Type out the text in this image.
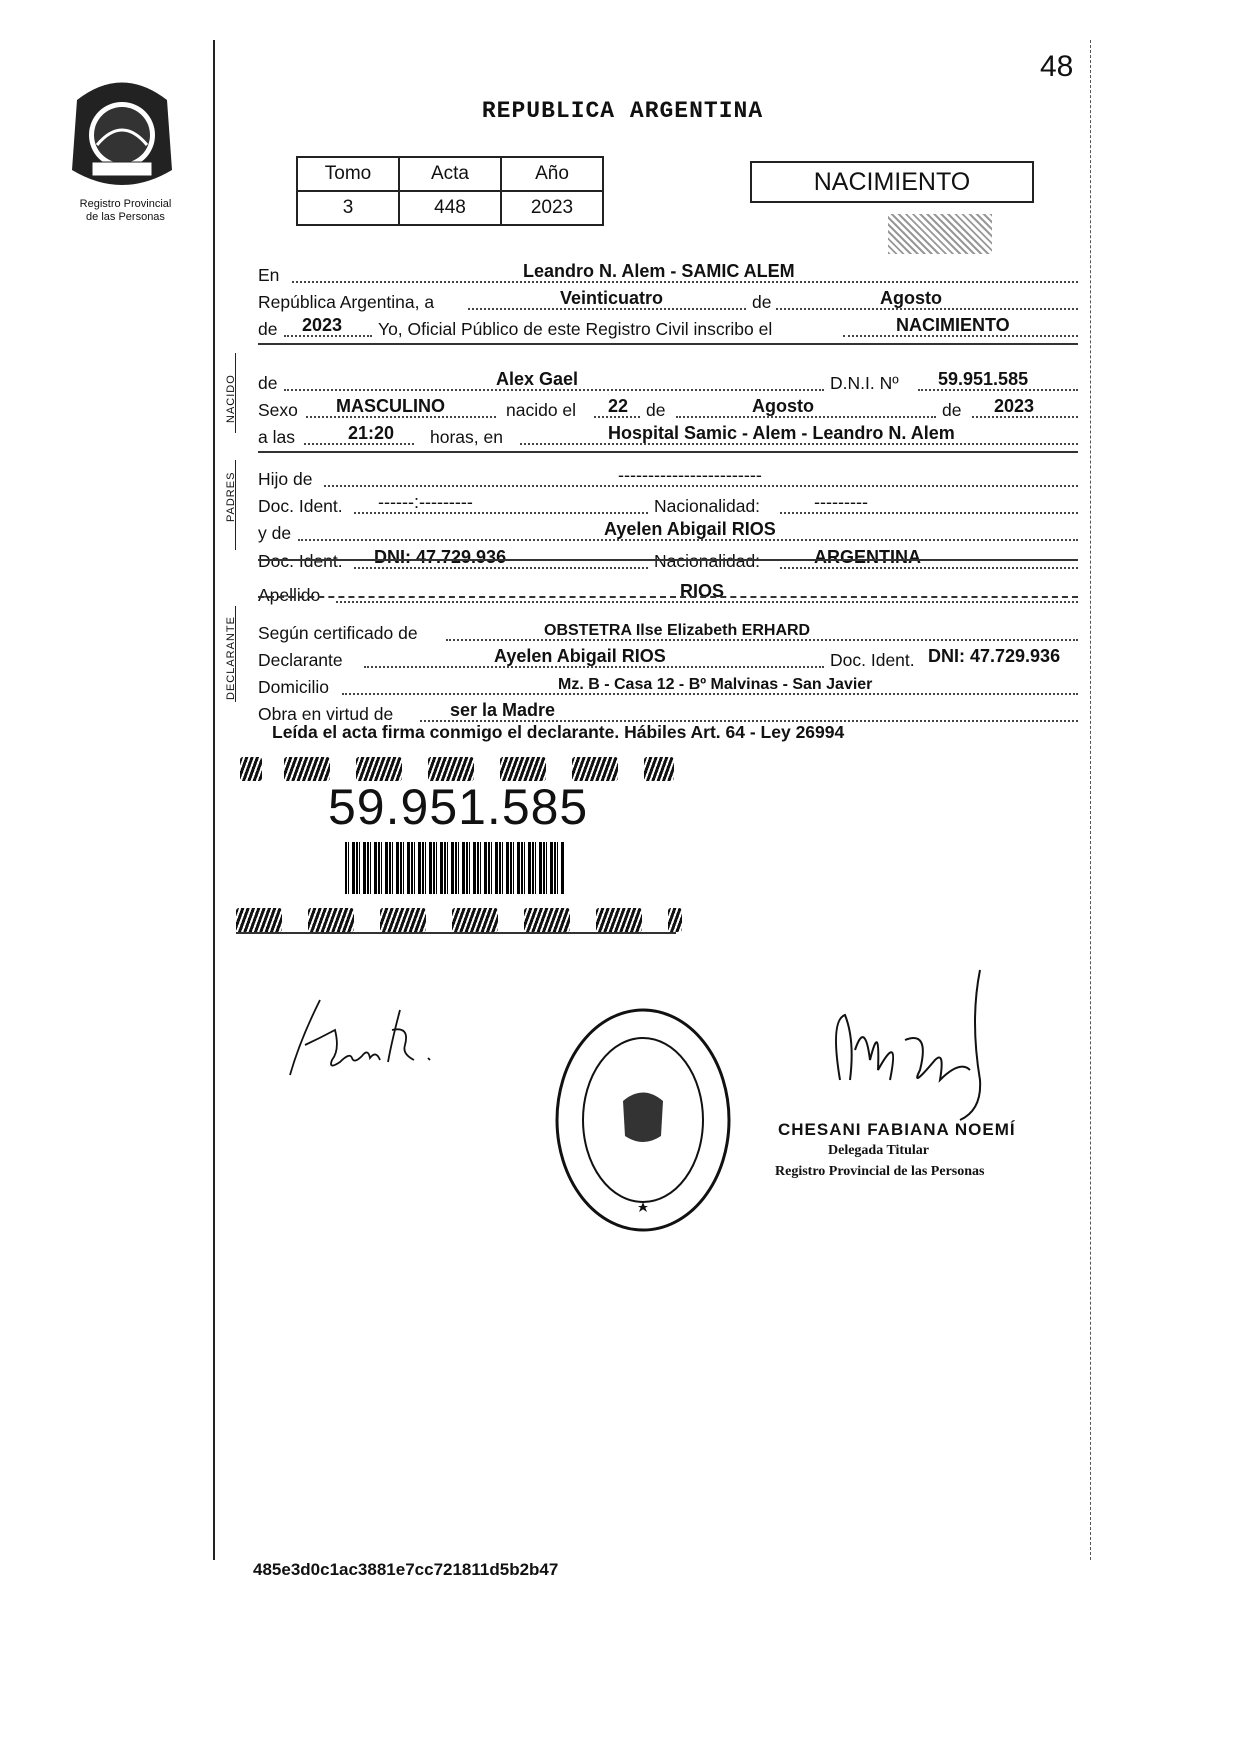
48
REPUBLICA ARGENTINA
Registro Provincial
de las Personas
Tomo	Acta	Año
3	448	2023
NACIMIENTO
En	Leandro N. Alem - SAMIC ALEM
República Argentina, a	Veinticuatro	de	Agosto
de 2023 Yo, Oficial Público de este Registro Civil inscribo el	NACIMIENTO
NACIDO de	Alex Gael	D.N.I. Nº 59.951.585
Sexo MASCULINO	nacido el 22 de	Agosto	de 2023
a las	21:20 horas, en	Hospital Samic - Alem - Leandro N. Alem
PADRES Hijo de	------------------------
Doc. Ident. ------:---------	Nacionalidad:	---------
y de	Ayelen Abigail RIOS
Doc. Ident. DNI: 47.729.936	Nacionalidad:	ARGENTINA
Apellido	RIOS
DECLARANTE Según certificado de	OBSTETRA Ilse Elizabeth ERHARD
Declarante	Ayelen Abigail RIOS	Doc. Ident. DNI: 47.729.936
Domicilio	Mz. B - Casa 12 - Bº Malvinas - San Javier
Obra en virtud de	ser la Madre
Leída el acta firma conmigo el declarante. Hábiles Art. 64 - Ley 26994
59.951.585
CHESANI FABIANA NOEMÍ
Delegada Titular
Registro Provincial de las Personas
485e3d0c1ac3881e7cc721811d5b2b47
